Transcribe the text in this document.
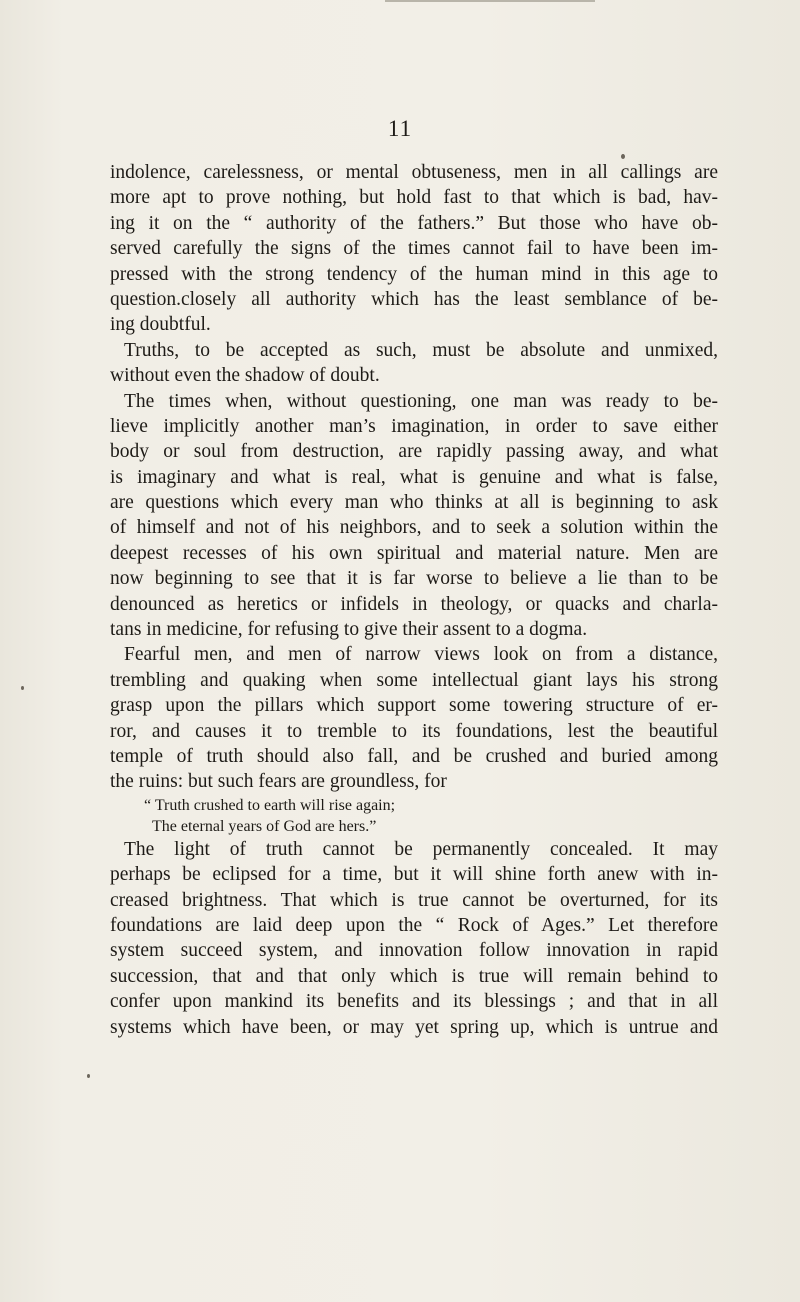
11
indolence, carelessness, or mental obtuseness, men in all callings are
more apt to prove nothing, but hold fast to that which is bad, hav-
ing it on the “ authority of the fathers.” But those who have ob-
served carefully the signs of the times cannot fail to have been im-
pressed with the strong tendency of the human mind in this age to
question.closely all authority which has the least semblance of be-
ing doubtful.
Truths, to be accepted as such, must be absolute and unmixed,
without even the shadow of doubt.
The times when, without questioning, one man was ready to be-
lieve implicitly another man’s imagination, in order to save either
body or soul from destruction, are rapidly passing away, and what
is imaginary and what is real, what is genuine and what is false,
are questions which every man who thinks at all is beginning to ask
of himself and not of his neighbors, and to seek a solution within the
deepest recesses of his own spiritual and material nature. Men are
now beginning to see that it is far worse to believe a lie than to be
denounced as heretics or infidels in theology, or quacks and charla-
tans in medicine, for refusing to give their assent to a dogma.
Fearful men, and men of narrow views look on from a distance,
trembling and quaking when some intellectual giant lays his strong
grasp upon the pillars which support some towering structure of er-
ror, and causes it to tremble to its foundations, lest the beautiful
temple of truth should also fall, and be crushed and buried among
the ruins: but such fears are groundless, for
“ Truth crushed to earth will rise again;
The eternal years of God are hers.”
The light of truth cannot be permanently concealed. It may
perhaps be eclipsed for a time, but it will shine forth anew with in-
creased brightness. That which is true cannot be overturned, for its
foundations are laid deep upon the “ Rock of Ages.” Let therefore
system succeed system, and innovation follow innovation in rapid
succession, that and that only which is true will remain behind to
confer upon mankind its benefits and its blessings ; and that in all
systems which have been, or may yet spring up, which is untrue and
